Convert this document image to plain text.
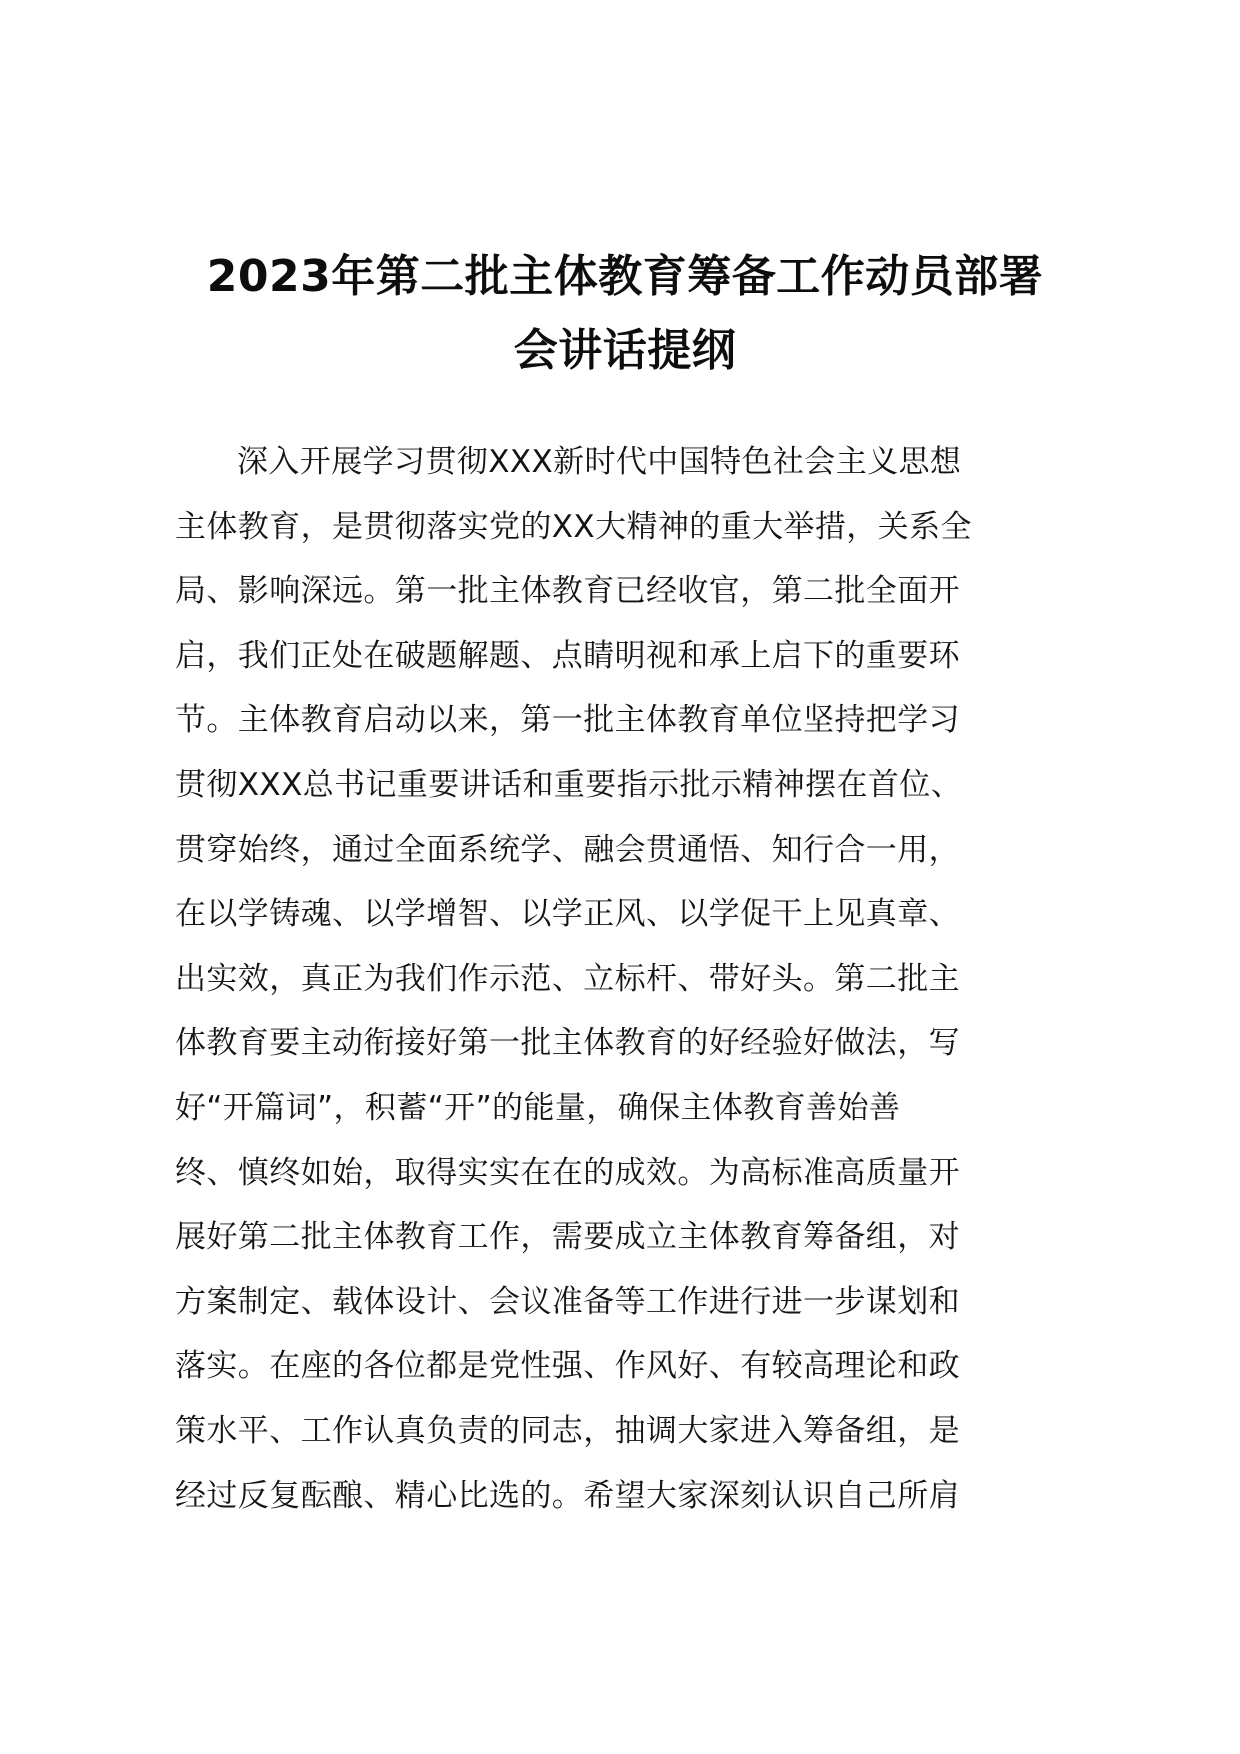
2023年第二批主体教育筹备工作动员部署
会讲话提纲
深入开展学习贯彻XXX新时代中国特色社会主义思想
主体教育，是贯彻落实党的XX大精神的重大举措，关系全
局、影响深远。第一批主体教育已经收官，第二批全面开
启，我们正处在破题解题、点睛明视和承上启下的重要环
节。主体教育启动以来，第一批主体教育单位坚持把学习
贯彻XXX总书记重要讲话和重要指示批示精神摆在首位、
贯穿始终，通过全面系统学、融会贯通悟、知行合一用，
在以学铸魂、以学增智、以学正风、以学促干上见真章、
出实效，真正为我们作示范、立标杆、带好头。第二批主
体教育要主动衔接好第一批主体教育的好经验好做法，写
好“开篇词”，积蓄“开”的能量，确保主体教育善始善
终、慎终如始，取得实实在在的成效。为高标准高质量开
展好第二批主体教育工作，需要成立主体教育筹备组，对
方案制定、载体设计、会议准备等工作进行进一步谋划和
落实。在座的各位都是党性强、作风好、有较高理论和政
策水平、工作认真负责的同志，抽调大家进入筹备组，是
经过反复酝酿、精心比选的。希望大家深刻认识自己所肩
